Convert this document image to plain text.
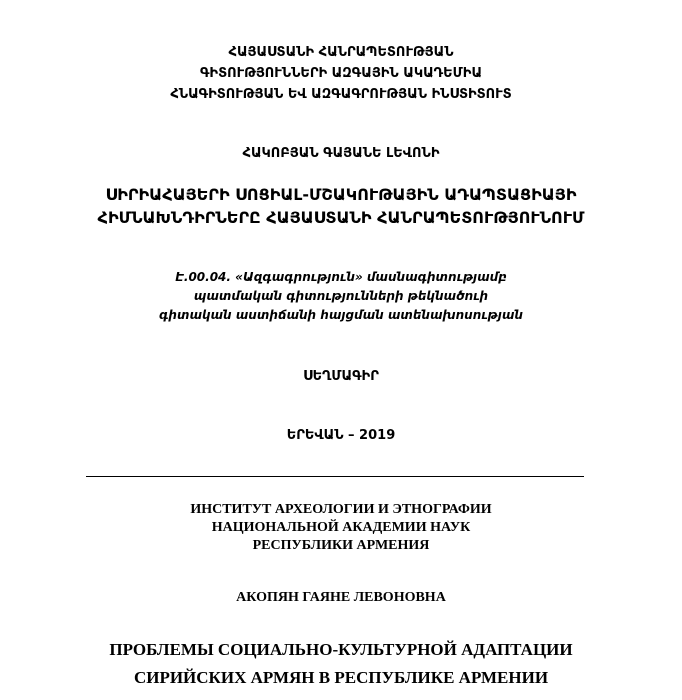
ՀԱՅԱՍՏԱՆԻ ՀԱՆՐԱՊԵՏՈՒԹՅԱՆ
ԳԻՏՈՒԹՅՈՒՆՆԵՐԻ ԱԶԳԱՅԻՆ ԱԿԱԴԵՄԻԱ
ՀՆԱԳԻՏՈՒԹՅԱՆ ԵՎ ԱԶԳԱԳՐՈՒԹՅԱՆ ԻՆՍՏԻՏՈՒՏ
ՀԱԿՈԲՅԱՆ ԳԱՅԱՆԵ ԼԵՎՈՆԻ
ՍԻՐԻԱՀԱՅԵՐԻ ՍՈՑԻԱԼ-ՄՇԱԿՈՒԹԱՅԻՆ ԱԴԱՊՏԱՑԻԱՅԻ
ՀԻՄՆԱԽՆԴԻՐՆԵՐԸ ՀԱՅԱՍՏԱՆԻ ՀԱՆՐԱՊԵՏՈՒԹՅՈՒՆՈՒՄ
Է.00.04. «Ազգագրություն» մասնագիտությամբ
պատմական գիտությունների թեկնածուի
գիտական աստիճանի հայցման ատենախոսության
ՍԵՂՄԱԳԻՐ
ԵՐԵՎԱՆ – 2019
ИНСТИТУТ АРХЕОЛОГИИ И ЭТНОГРАФИИ
НАЦИОНАЛЬНОЙ АКАДЕМИИ НАУК
РЕСПУБЛИКИ АРМЕНИЯ
АКОПЯН ГАЯНЕ ЛЕВОНОВНА
ПРОБЛЕМЫ СОЦИАЛЬНО-КУЛЬТУРНОЙ АДАПТАЦИИ
СИРИЙСКИХ АРМЯН В РЕСПУБЛИКЕ АРМЕНИИ
